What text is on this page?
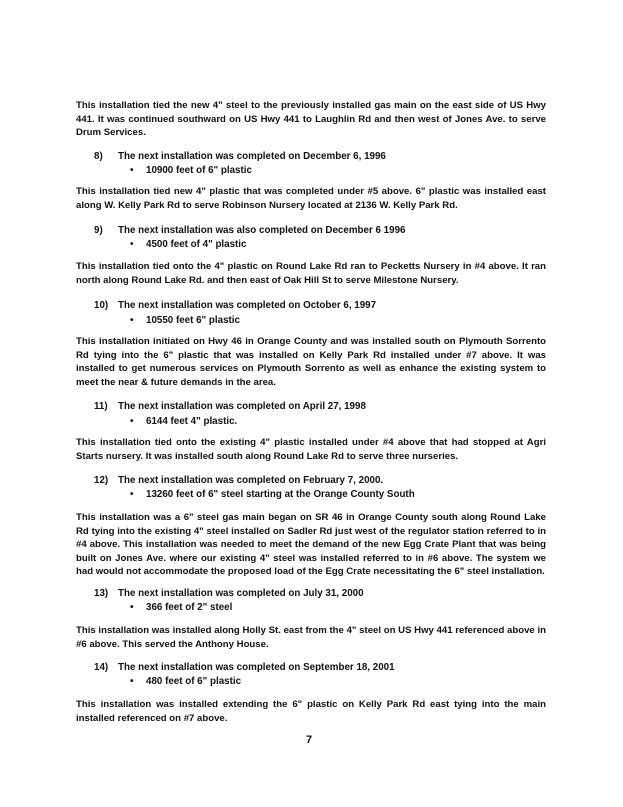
This installation tied the new 4" steel to the previously installed gas main on the east side of US Hwy 441. It was continued southward on US Hwy 441 to Laughlin Rd and then west of Jones Ave. to serve Drum Services.

8) The next installation was completed on December 6, 1996
• 10900 feet of 6" plastic

This installation tied new 4" plastic that was completed under #5 above. 6" plastic was installed east along W. Kelly Park Rd to serve Robinson Nursery located at 2136 W. Kelly Park Rd.

9) The next installation was also completed on December 6 1996
• 4500 feet of 4" plastic

This installation tied onto the 4" plastic on Round Lake Rd ran to Pecketts Nursery in #4 above. It ran north along Round Lake Rd. and then east of Oak Hill St to serve Milestone Nursery.

10) The next installation was completed on October 6, 1997
• 10550 feet 6" plastic

This installation initiated on Hwy 46 in Orange County and was installed south on Plymouth Sorrento Rd tying into the 6" plastic that was installed on Kelly Park Rd installed under #7 above. It was installed to get numerous services on Plymouth Sorrento as well as enhance the existing system to meet the near & future demands in the area.

11) The next installation was completed on April 27, 1998
• 6144 feet 4" plastic.

This installation tied onto the existing 4" plastic installed under #4 above that had stopped at Agri Starts nursery. It was installed south along Round Lake Rd to serve three nurseries.

12) The next installation was completed on February 7, 2000.
• 13260 feet of 6" steel starting at the Orange County South

This installation was a 6" steel gas main began on SR 46 in Orange County south along Round Lake Rd tying into the existing 4" steel installed on Sadler Rd just west of the regulator station referred to in #4 above. This installation was needed to meet the demand of the new Egg Crate Plant that was being built on Jones Ave. where our existing 4" steel was installed referred to in #6 above. The system we had would not accommodate the proposed load of the Egg Crate necessitating the 6" steel installation.

13) The next installation was completed on July 31, 2000
• 366 feet of 2" steel

This installation was installed along Holly St. east from the 4" steel on US Hwy 441 referenced above in #6 above. This served the Anthony House.

14) The next installation was completed on September 18, 2001
• 480 feet of 6" plastic

This installation was installed extending the 6" plastic on Kelly Park Rd east tying into the main installed referenced on #7 above.

7
